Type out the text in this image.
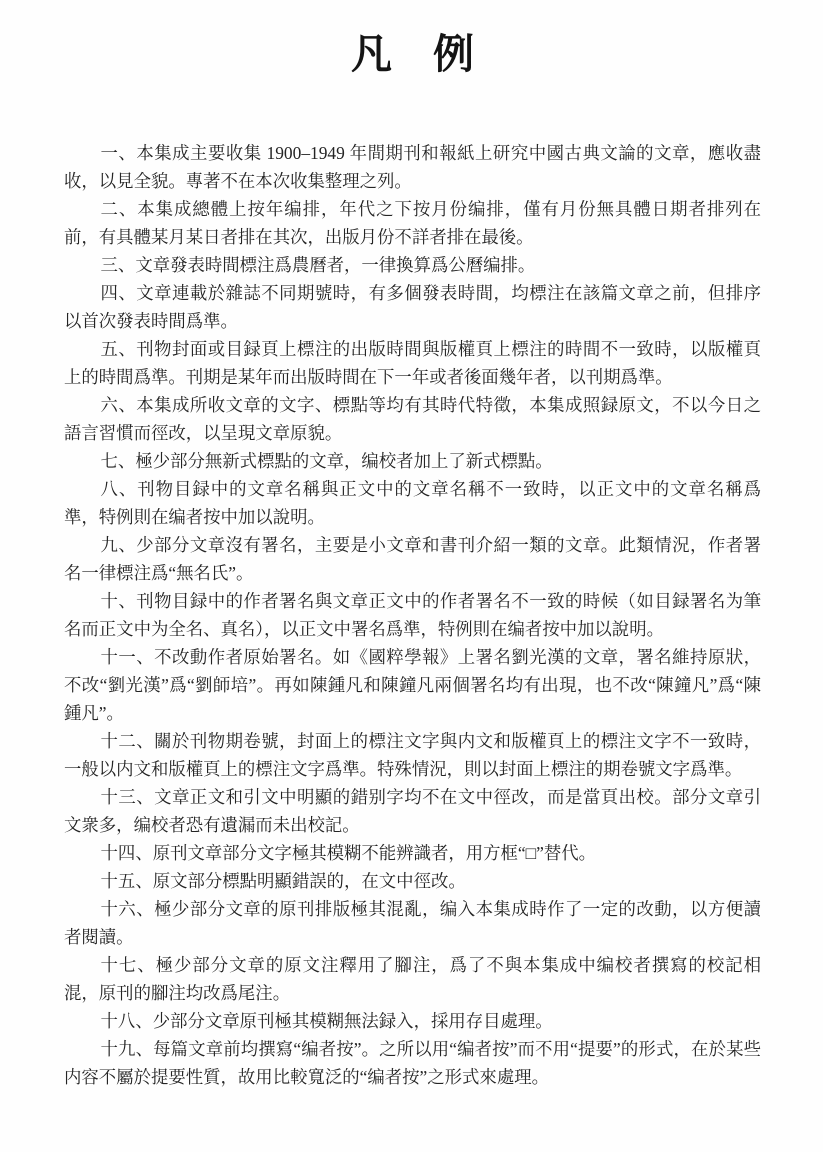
凡　例

一、本集成主要收集 1900–1949 年間期刊和報紙上研究中國古典文論的文章，應收盡收，以見全貌。專著不在本次收集整理之列。

二、本集成總體上按年编排，年代之下按月份编排，僅有月份無具體日期者排列在前，有具體某月某日者排在其次，出版月份不詳者排在最後。

三、文章發表時間標注爲農曆者，一律換算爲公曆编排。

四、文章連載於雜誌不同期號時，有多個發表時間，均標注在該篇文章之前，但排序以首次發表時間爲準。

五、刊物封面或目録頁上標注的出版時間與版權頁上標注的時間不一致時，以版權頁上的時間爲準。刊期是某年而出版時間在下一年或者後面幾年者，以刊期爲準。

六、本集成所收文章的文字、標點等均有其時代特徵，本集成照録原文，不以今日之語言習慣而徑改，以呈現文章原貌。

七、極少部分無新式標點的文章，编校者加上了新式標點。

八、刊物目録中的文章名稱與正文中的文章名稱不一致時，以正文中的文章名稱爲準，特例則在编者按中加以說明。

九、少部分文章沒有署名，主要是小文章和書刊介紹一類的文章。此類情況，作者署名一律標注爲“無名氏”。

十、刊物目録中的作者署名與文章正文中的作者署名不一致的時候（如目録署名为筆名而正文中为全名、真名），以正文中署名爲準，特例則在编者按中加以說明。

十一、不改動作者原始署名。如《國粹學報》上署名劉光漢的文章，署名維持原狀，不改“劉光漢”爲“劉師培”。再如陳鍾凡和陳鐘凡兩個署名均有出現，也不改“陳鐘凡”爲“陳鍾凡”。

十二、關於刊物期卷號，封面上的標注文字與内文和版權頁上的標注文字不一致時，一般以内文和版權頁上的標注文字爲準。特殊情況，則以封面上標注的期卷號文字爲準。

十三、文章正文和引文中明顯的錯别字均不在文中徑改，而是當頁出校。部分文章引文衆多，编校者恐有遺漏而未出校記。

十四、原刊文章部分文字極其模糊不能辨識者，用方框“□”替代。

十五、原文部分標點明顯錯誤的，在文中徑改。

十六、極少部分文章的原刊排版極其混亂，编入本集成時作了一定的改動，以方便讀者閱讀。

十七、極少部分文章的原文注釋用了腳注，爲了不與本集成中编校者撰寫的校記相混，原刊的腳注均改爲尾注。

十八、少部分文章原刊極其模糊無法録入，採用存目處理。

十九、每篇文章前均撰寫“编者按”。之所以用“编者按”而不用“提要”的形式，在於某些内容不屬於提要性質，故用比較寬泛的“编者按”之形式來處理。
